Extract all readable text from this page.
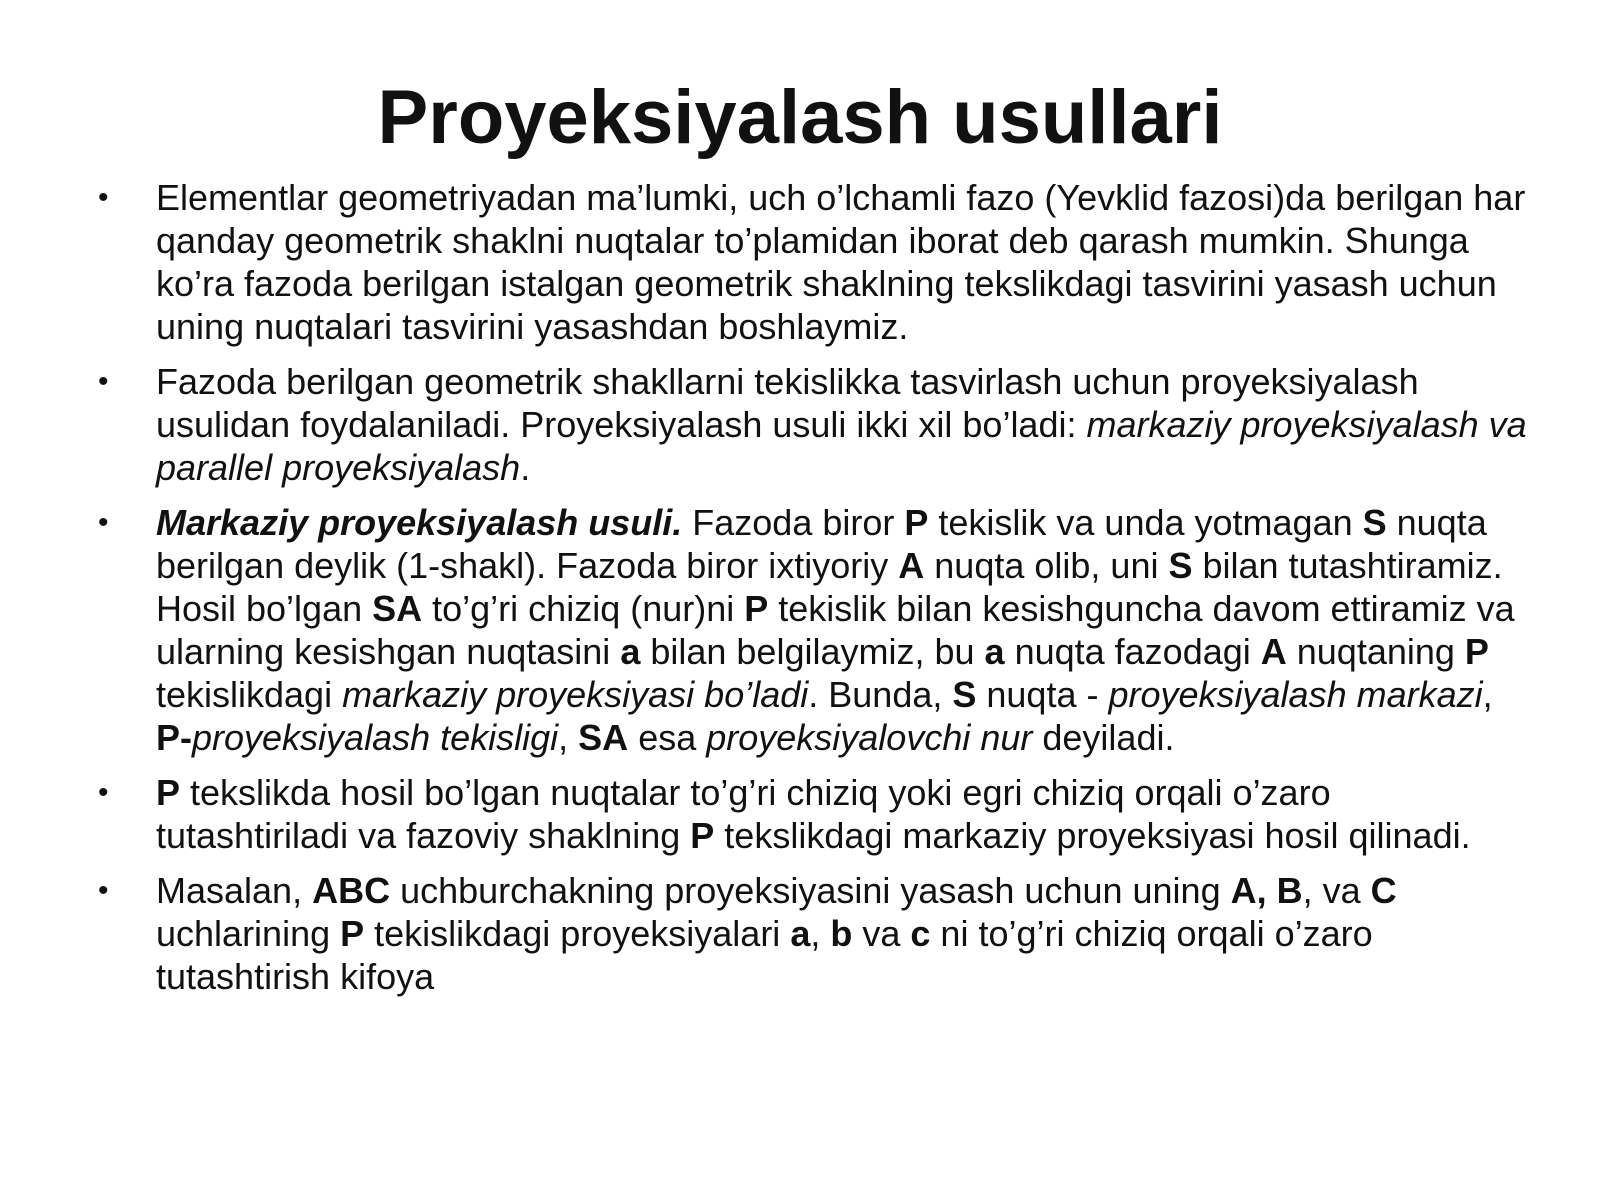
Proyeksiyalash usullari
• Elementlar geometriyadan ma’lumki, uch o’lchamli fazo (Yevklid fazosi)da berilgan har qanday geometrik shaklni nuqtalar to’plamidan iborat deb qarash mumkin. Shunga ko’ra fazoda berilgan istalgan geometrik shaklning tekslikdagi tasvirini yasash uchun uning nuqtalari tasvirini yasashdan boshlaymiz.
• Fazoda berilgan geometrik shakllarni tekislikka tasvirlash uchun proyeksiyalash usulidan foydalaniladi. Proyeksiyalash usuli ikki xil bo’ladi: markaziy proyeksiyalash va parallel proyeksiyalash.
• Markaziy proyeksiyalash usuli. Fazoda biror P tekislik va unda yotmagan S nuqta berilgan deylik (1-shakl). Fazoda biror ixtiyoriy A nuqta olib, uni S bilan tutashtiramiz. Hosil bo’lgan SA to’g’ri chiziq (nur)ni P tekislik bilan kesishguncha davom ettiramiz va ularning kesishgan nuqtasini a bilan belgilaymiz, bu a nuqta fazodagi A nuqtaning P tekislikdagi markaziy proyeksiyasi bo’ladi. Bunda, S nuqta - proyeksiyalash markazi, P-proyeksiyalash tekisligi, SA esa proyeksiyalovchi nur deyiladi.
• P tekslikda hosil bo’lgan nuqtalar to’g’ri chiziq yoki egri chiziq orqali o’zaro tutashtiriladi va fazoviy shaklning P tekslikdagi markaziy proyeksiyasi hosil qilinadi.
• Masalan, ABC uchburchakning proyeksiyasini yasash uchun uning A, B, va C uchlarining P tekislikdagi proyeksiyalari a, b va c ni to’g’ri chiziq orqali o’zaro tutashtirish kifoya
